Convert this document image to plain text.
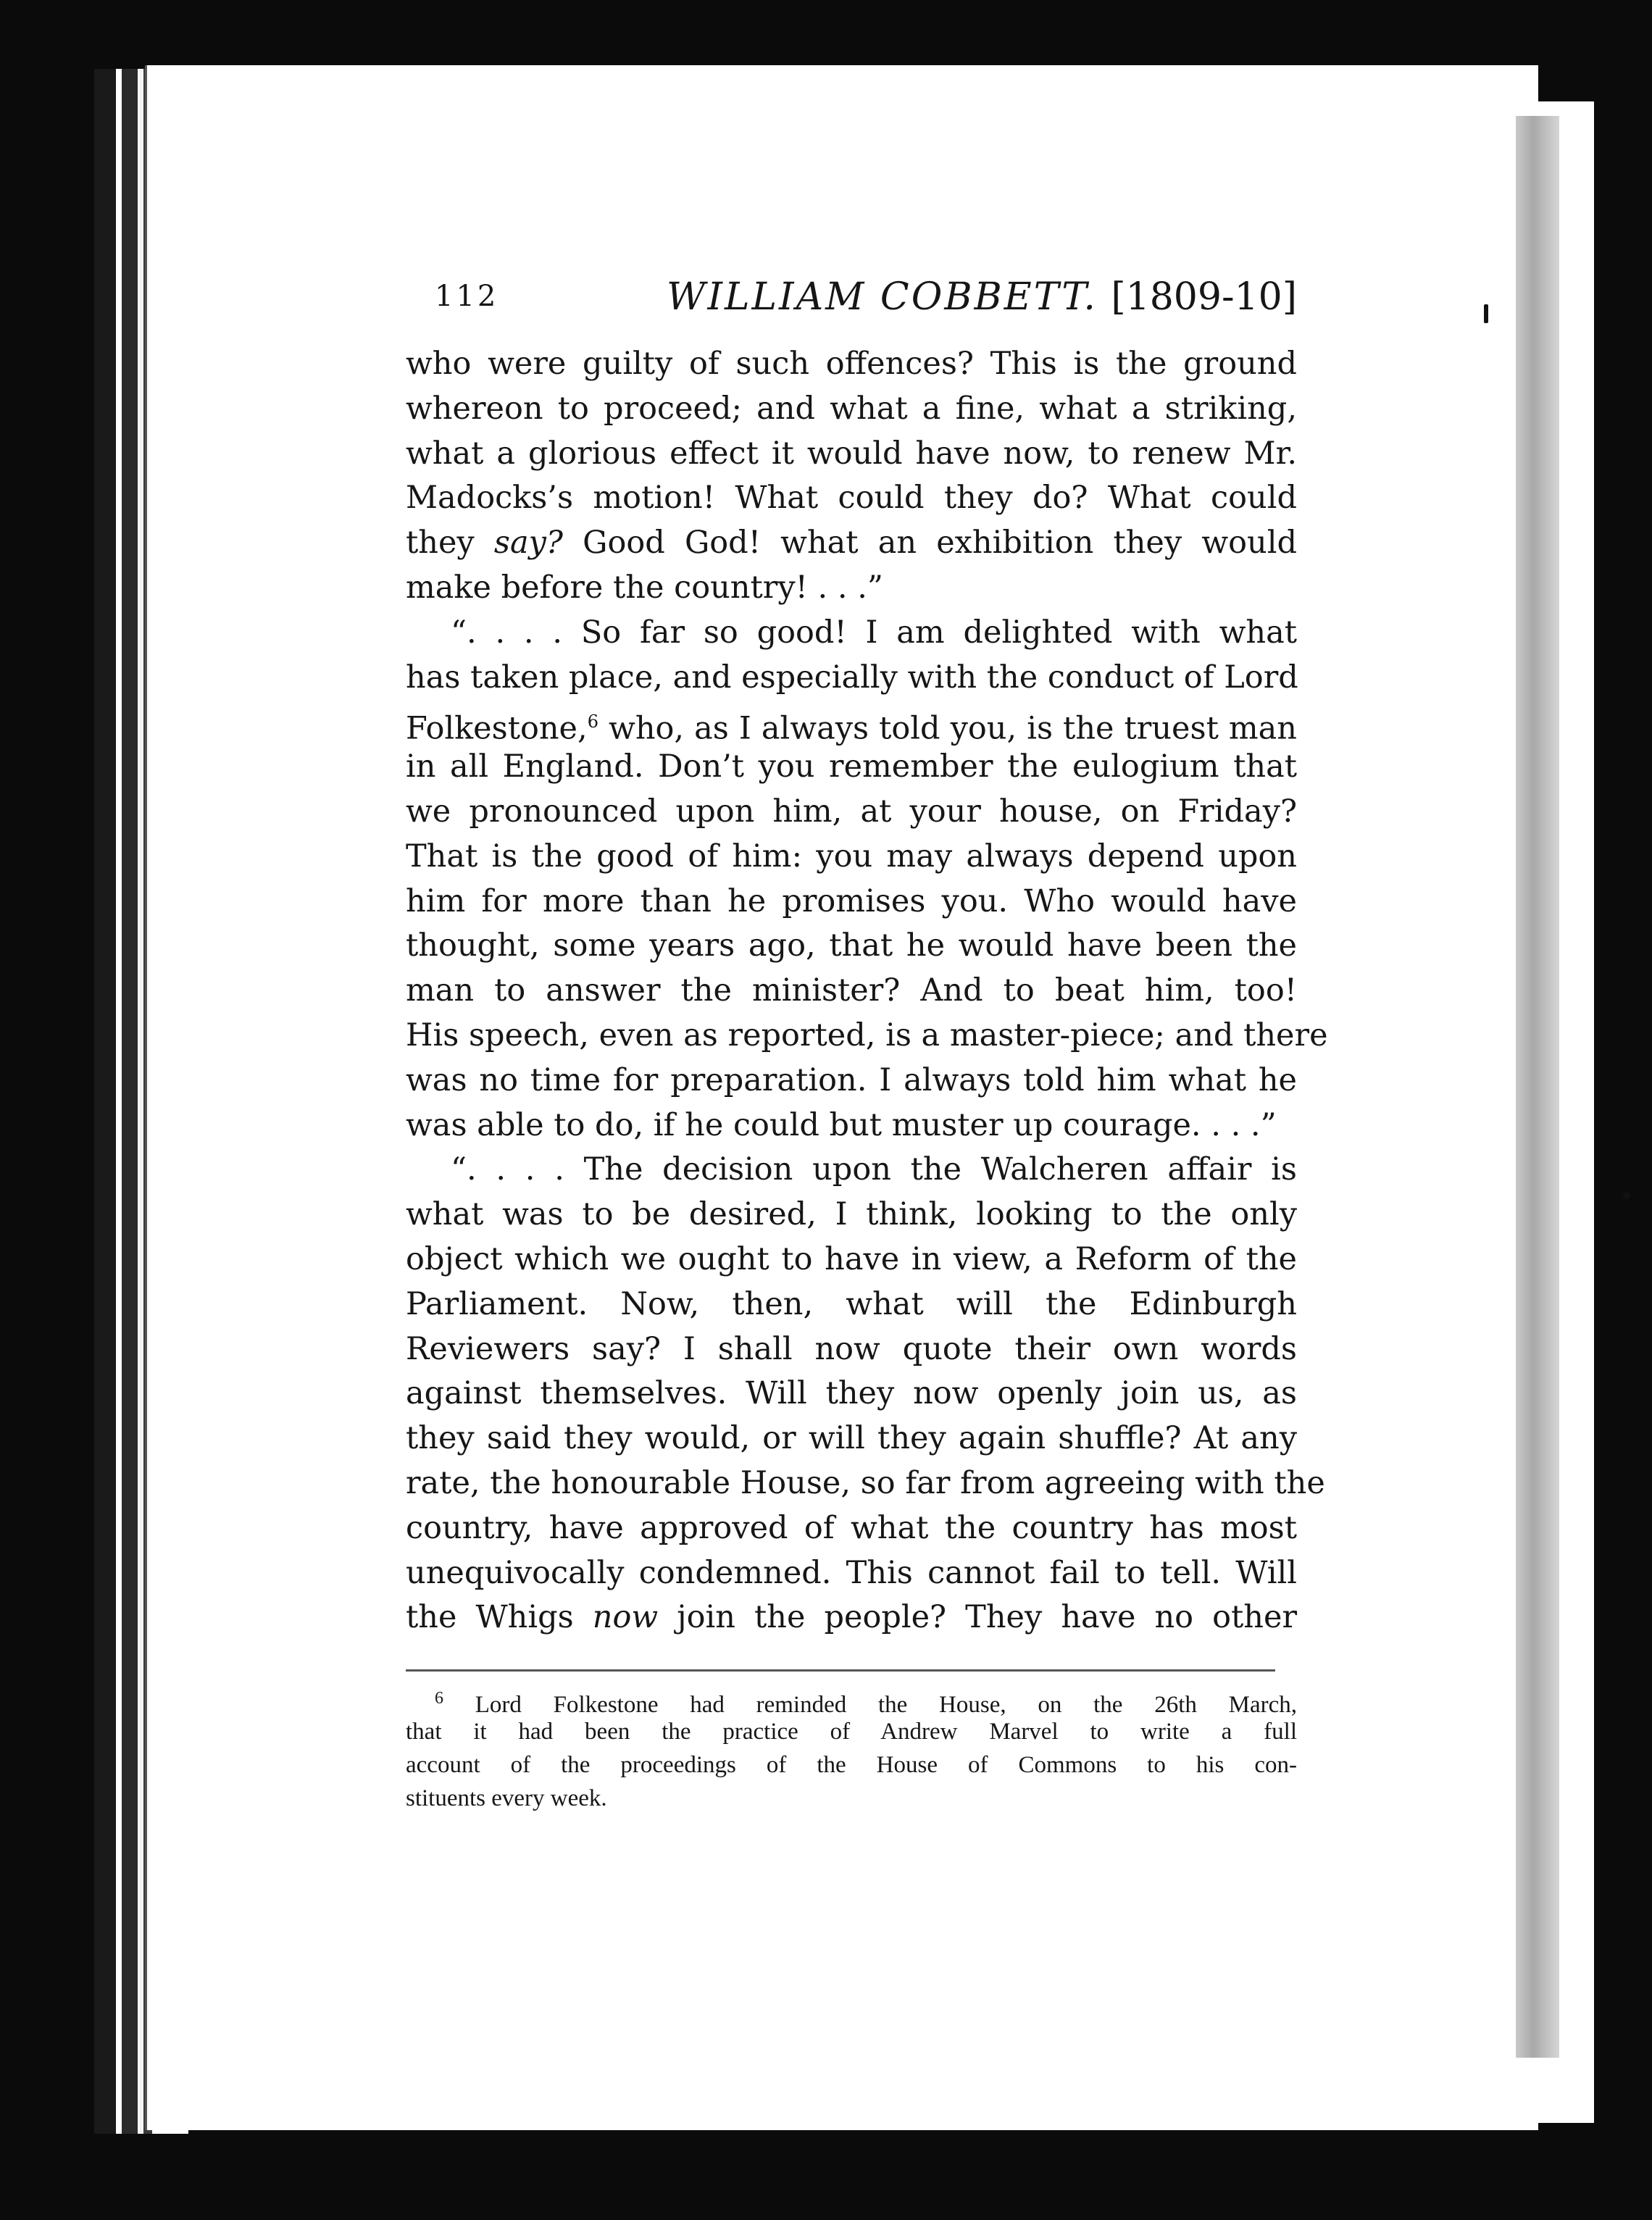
112	WILLIAM COBBETT. [1809-10]
who were guilty of such offences? This is the ground
whereon to proceed; and what a fine, what a striking,
what a glorious effect it would have now, to renew Mr.
Madocks’s motion! What could they do? What could
they say? Good God! what an exhibition they would
make before the country! . . .”
“. . . . So far so good! I am delighted with what
has taken place, and especially with the conduct of Lord
Folkestone,$^6$ who, as I always told you, is the truest man
in all England. Don’t you remember the eulogium that
we pronounced upon him, at your house, on Friday?
That is the good of him: you may always depend upon
him for more than he promises you. Who would have
thought, some years ago, that he would have been the
man to answer the minister? And to beat him, too!
His speech, even as reported, is a master-piece; and there
was no time for preparation. I always told him what he
was able to do, if he could but muster up courage. . . .”
“. . . . The decision upon the Walcheren affair is
what was to be desired, I think, looking to the only
object which we ought to have in view, a Reform of the
Parliament. Now, then, what will the Edinburgh
Reviewers say? I shall now quote their own words
against themselves. Will they now openly join us, as
they said they would, or will they again shuffle? At any
rate, the honourable House, so far from agreeing with the
country, have approved of what the country has most
unequivocally condemned. This cannot fail to tell. Will
the Whigs now join the people? They have no other
$^6$ Lord Folkestone had reminded the House, on the 26th March,
that it had been the practice of Andrew Marvel to write a full
account of the proceedings of the House of Commons to his con-
stituents every week.
